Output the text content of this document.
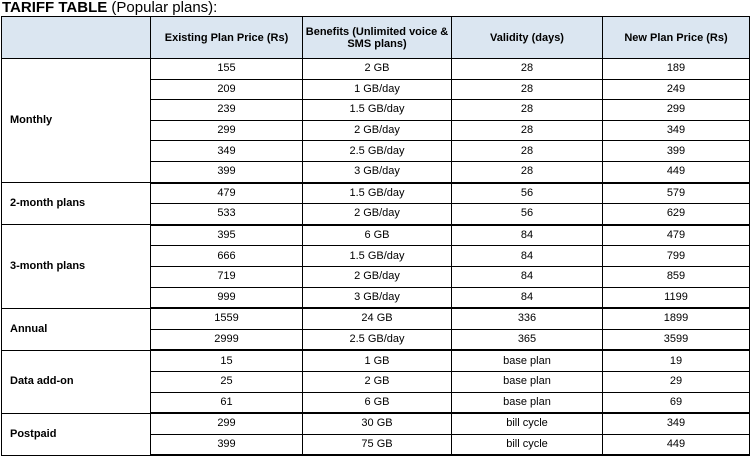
TARIFF TABLE (Popular plans):
	Existing Plan Price (Rs)	Benefits (Unlimited voice & SMS plans)	Validity (days)	New Plan Price (Rs)
Monthly	155	2 GB	28	189
	209	1 GB/day	28	249
	239	1.5 GB/day	28	299
	299	2 GB/day	28	349
	349	2.5 GB/day	28	399
	399	3 GB/day	28	449
2-month plans	479	1.5 GB/day	56	579
	533	2 GB/day	56	629
3-month plans	395	6 GB	84	479
	666	1.5 GB/day	84	799
	719	2 GB/day	84	859
	999	3 GB/day	84	1199
Annual	1559	24 GB	336	1899
	2999	2.5 GB/day	365	3599
Data add-on	15	1 GB	base plan	19
	25	2 GB	base plan	29
	61	6 GB	base plan	69
Postpaid	299	30 GB	bill cycle	349
	399	75 GB	bill cycle	449
